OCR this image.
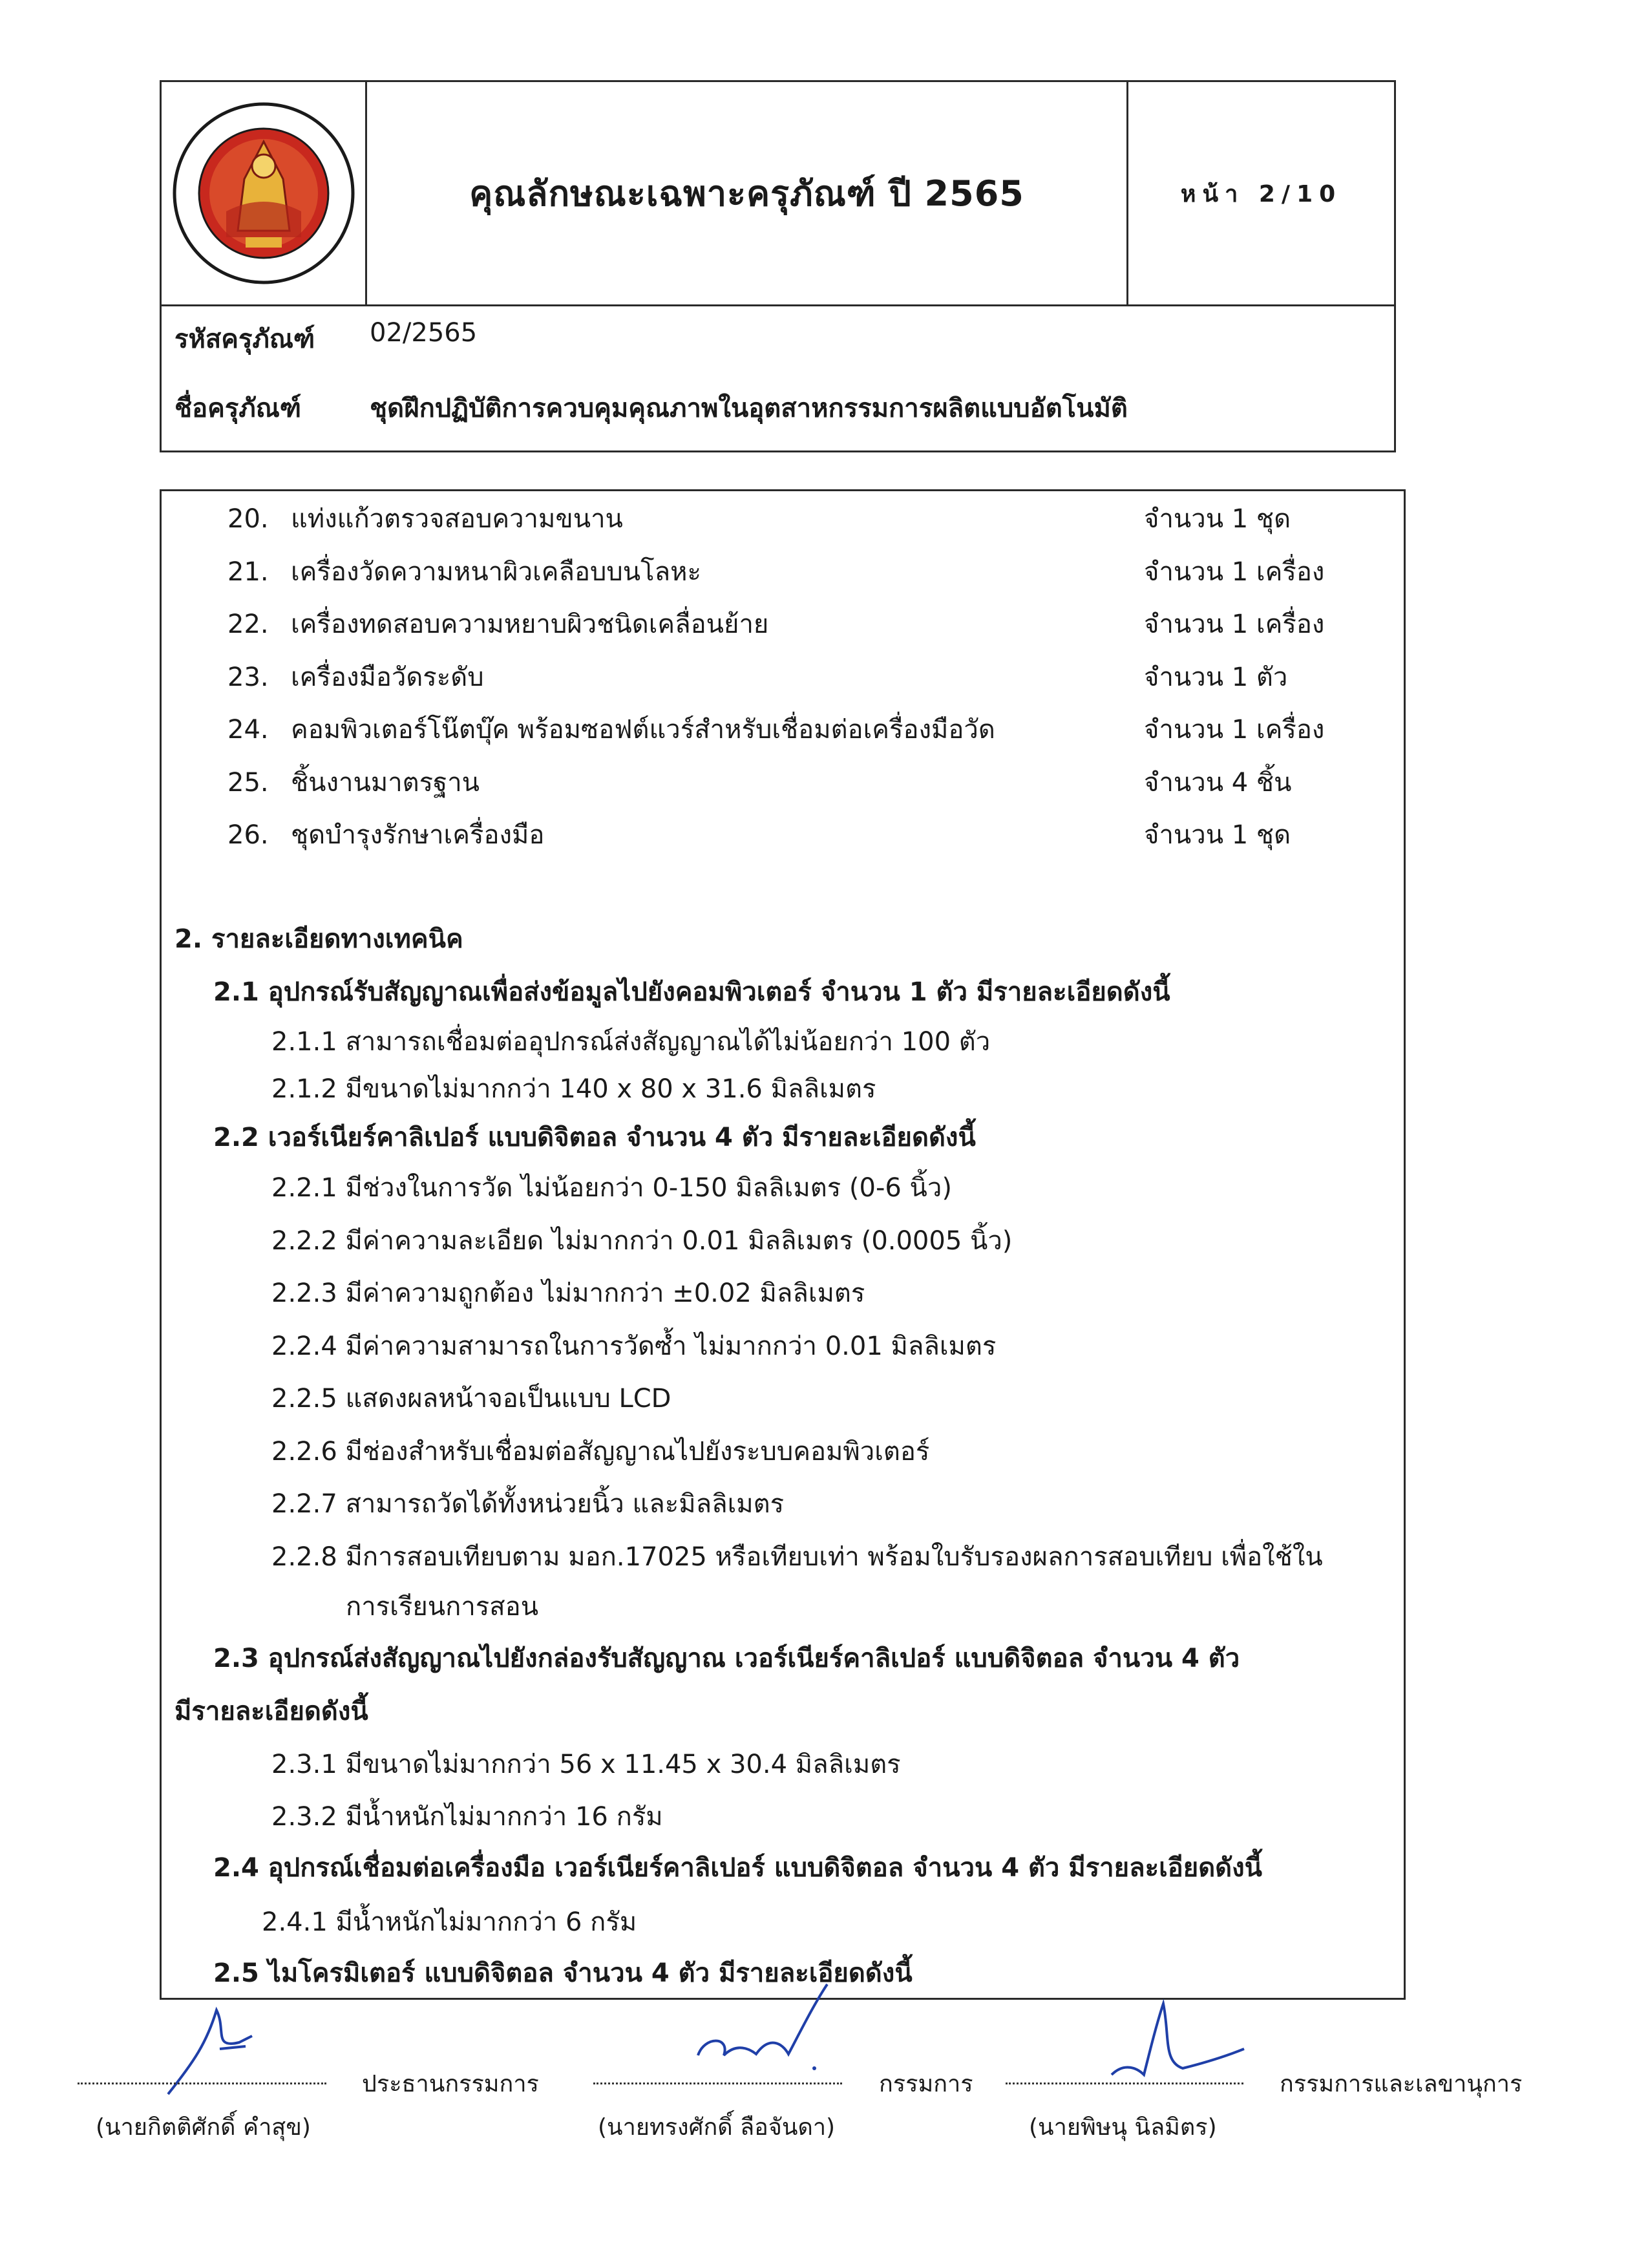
คุณลักษณะเฉพาะครุภัณฑ์ ปี 2565	หน้า 2/10
รหัสครุภัณฑ์ 02/2565
ชื่อครุภัณฑ์	ชุดฝึกปฏิบัติการควบคุมคุณภาพในอุตสาหกรรมการผลิตแบบอัตโนมัติ
20. แท่งแก้วตรวจสอบความขนาน	จำนวน 1 ชุด
21. เครื่องวัดความหนาผิวเคลือบบนโลหะ	จำนวน 1 เครื่อง
22. เครื่องทดสอบความหยาบผิวชนิดเคลื่อนย้าย	จำนวน 1 เครื่อง
23. เครื่องมือวัดระดับ	จำนวน 1 ตัว
24. คอมพิวเตอร์โน๊ตบุ๊ค พร้อมซอฟต์แวร์สำหรับเชื่อมต่อเครื่องมือวัด	จำนวน 1 เครื่อง
25. ชิ้นงานมาตรฐาน	จำนวน 4 ชิ้น
26. ชุดบำรุงรักษาเครื่องมือ	จำนวน 1 ชุด
2. รายละเอียดทางเทคนิค
2.1 อุปกรณ์รับสัญญาณเพื่อส่งข้อมูลไปยังคอมพิวเตอร์ จำนวน 1 ตัว มีรายละเอียดดังนี้
2.1.1 สามารถเชื่อมต่ออุปกรณ์ส่งสัญญาณได้ไม่น้อยกว่า 100 ตัว
2.1.2 มีขนาดไม่มากกว่า 140 x 80 x 31.6 มิลลิเมตร
2.2 เวอร์เนียร์คาลิเปอร์ แบบดิจิตอล จำนวน 4 ตัว มีรายละเอียดดังนี้
2.2.1 มีช่วงในการวัด ไม่น้อยกว่า 0-150 มิลลิเมตร (0-6 นิ้ว)
2.2.2 มีค่าความละเอียด ไม่มากกว่า 0.01 มิลลิเมตร (0.0005 นิ้ว)
2.2.3 มีค่าความถูกต้อง ไม่มากกว่า ±0.02 มิลลิเมตร
2.2.4 มีค่าความสามารถในการวัดซ้ำ ไม่มากกว่า 0.01 มิลลิเมตร
2.2.5 แสดงผลหน้าจอเป็นแบบ LCD
2.2.6 มีช่องสำหรับเชื่อมต่อสัญญาณไปยังระบบคอมพิวเตอร์
2.2.7 สามารถวัดได้ทั้งหน่วยนิ้ว และมิลลิเมตร
2.2.8 มีการสอบเทียบตาม มอก.17025 หรือเทียบเท่า พร้อมใบรับรองผลการสอบเทียบ เพื่อใช้ใน
การเรียนการสอน
2.3 อุปกรณ์ส่งสัญญาณไปยังกล่องรับสัญญาณ เวอร์เนียร์คาลิเปอร์ แบบดิจิตอล จำนวน 4 ตัว
มีรายละเอียดดังนี้
2.3.1 มีขนาดไม่มากกว่า 56 x 11.45 x 30.4 มิลลิเมตร
2.3.2 มีน้ำหนักไม่มากกว่า 16 กรัม
2.4 อุปกรณ์เชื่อมต่อเครื่องมือ เวอร์เนียร์คาลิเปอร์ แบบดิจิตอล จำนวน 4 ตัว มีรายละเอียดดังนี้
2.4.1 มีน้ำหนักไม่มากกว่า 6 กรัม
2.5 ไมโครมิเตอร์ แบบดิจิตอล จำนวน 4 ตัว มีรายละเอียดดังนี้
ประธานกรรมการ
(นายกิตติศักดิ์ คำสุข)
กรรมการ
(นายทรงศักดิ์ ลือจันดา)
กรรมการและเลขานุการ
(นายพิษนุ นิลมิตร)
